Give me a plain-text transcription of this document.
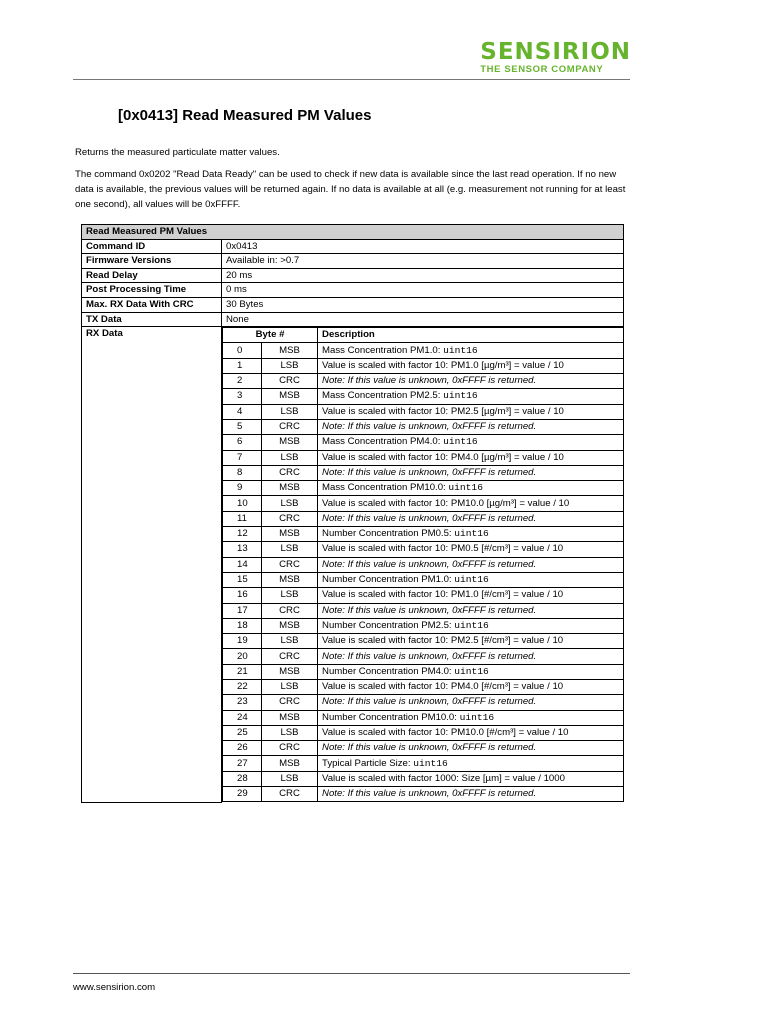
SENSIRION
THE SENSOR COMPANY
[0x0413] Read Measured PM Values

Returns the measured particulate matter values.

The command 0x0202 "Read Data Ready" can be used to check if new data is available since the last read operation. If no new data is available, the previous values will be returned again. If no data is available at all (e.g. measurement not running for at least one second), all values will be 0xFFFF.

Read Measured PM Values
Command ID	0x0413
Firmware Versions	Available in: >0.7
Read Delay	20 ms
Post Processing Time	0 ms
Max. RX Data With CRC	30 Bytes
TX Data	None
RX Data		Byte #	Description
0	MSB	Mass Concentration PM1.0: uint16
1	LSB	Value is scaled with factor 10: PM1.0 [µg/m³] = value / 10
2	CRC	Note: If this value is unknown, 0xFFFF is returned.
3	MSB	Mass Concentration PM2.5: uint16
4	LSB	Value is scaled with factor 10: PM2.5 [µg/m³] = value / 10
5	CRC	Note: If this value is unknown, 0xFFFF is returned.
6	MSB	Mass Concentration PM4.0: uint16
7	LSB	Value is scaled with factor 10: PM4.0 [µg/m³] = value / 10
8	CRC	Note: If this value is unknown, 0xFFFF is returned.
9	MSB	Mass Concentration PM10.0: uint16
10	LSB	Value is scaled with factor 10: PM10.0 [µg/m³] = value / 10
11	CRC	Note: If this value is unknown, 0xFFFF is returned.
12	MSB	Number Concentration PM0.5: uint16
13	LSB	Value is scaled with factor 10: PM0.5 [#/cm³] = value / 10
14	CRC	Note: If this value is unknown, 0xFFFF is returned.
15	MSB	Number Concentration PM1.0: uint16
16	LSB	Value is scaled with factor 10: PM1.0 [#/cm³] = value / 10
17	CRC	Note: If this value is unknown, 0xFFFF is returned.
18	MSB	Number Concentration PM2.5: uint16
19	LSB	Value is scaled with factor 10: PM2.5 [#/cm³] = value / 10
20	CRC	Note: If this value is unknown, 0xFFFF is returned.
21	MSB	Number Concentration PM4.0: uint16
22	LSB	Value is scaled with factor 10: PM4.0 [#/cm³] = value / 10
23	CRC	Note: If this value is unknown, 0xFFFF is returned.
24	MSB	Number Concentration PM10.0: uint16
25	LSB	Value is scaled with factor 10: PM10.0 [#/cm³] = value / 10
26	CRC	Note: If this value is unknown, 0xFFFF is returned.
27	MSB	Typical Particle Size: uint16
28	LSB	Value is scaled with factor 1000: Size [µm] = value / 1000
29	CRC	Note: If this value is unknown, 0xFFFF is returned.
www.sensirion.com
